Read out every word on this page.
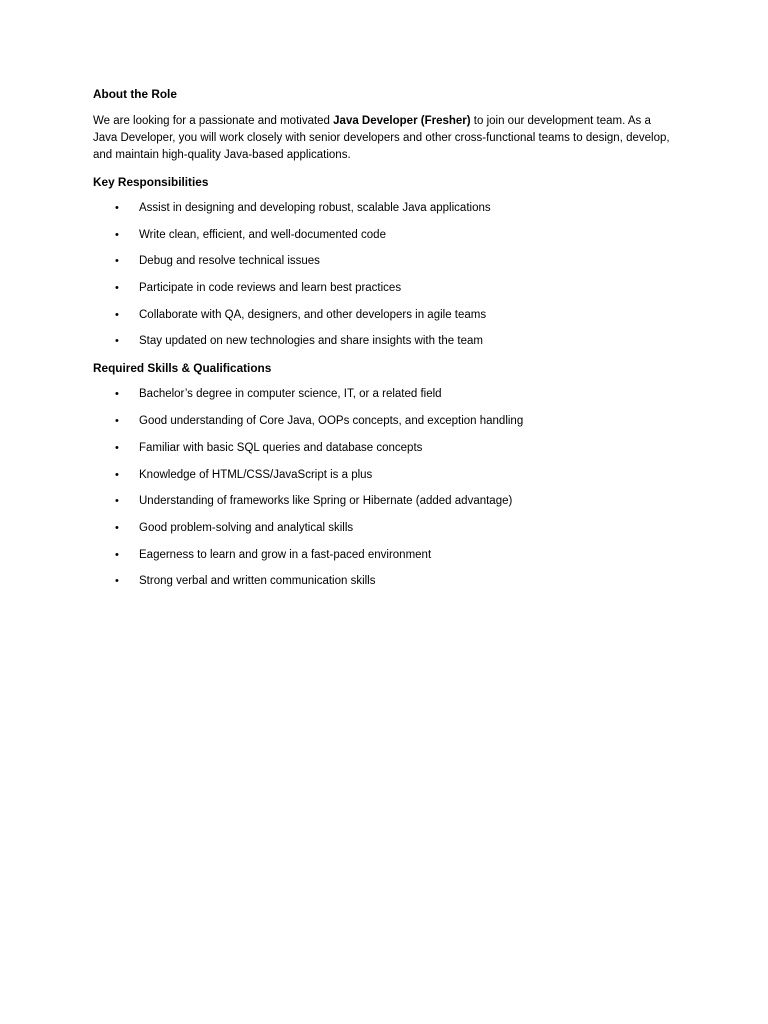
About the Role

We are looking for a passionate and motivated Java Developer (Fresher) to join our development team. As a Java Developer, you will work closely with senior developers and other cross-functional teams to design, develop, and maintain high-quality Java-based applications.

Key Responsibilities
• Assist in designing and developing robust, scalable Java applications
• Write clean, efficient, and well-documented code
• Debug and resolve technical issues
• Participate in code reviews and learn best practices
• Collaborate with QA, designers, and other developers in agile teams
• Stay updated on new technologies and share insights with the team
Required Skills & Qualifications
• Bachelor’s degree in computer science, IT, or a related field
• Good understanding of Core Java, OOPs concepts, and exception handling
• Familiar with basic SQL queries and database concepts
• Knowledge of HTML/CSS/JavaScript is a plus
• Understanding of frameworks like Spring or Hibernate (added advantage)
• Good problem-solving and analytical skills
• Eagerness to learn and grow in a fast-paced environment
• Strong verbal and written communication skills
